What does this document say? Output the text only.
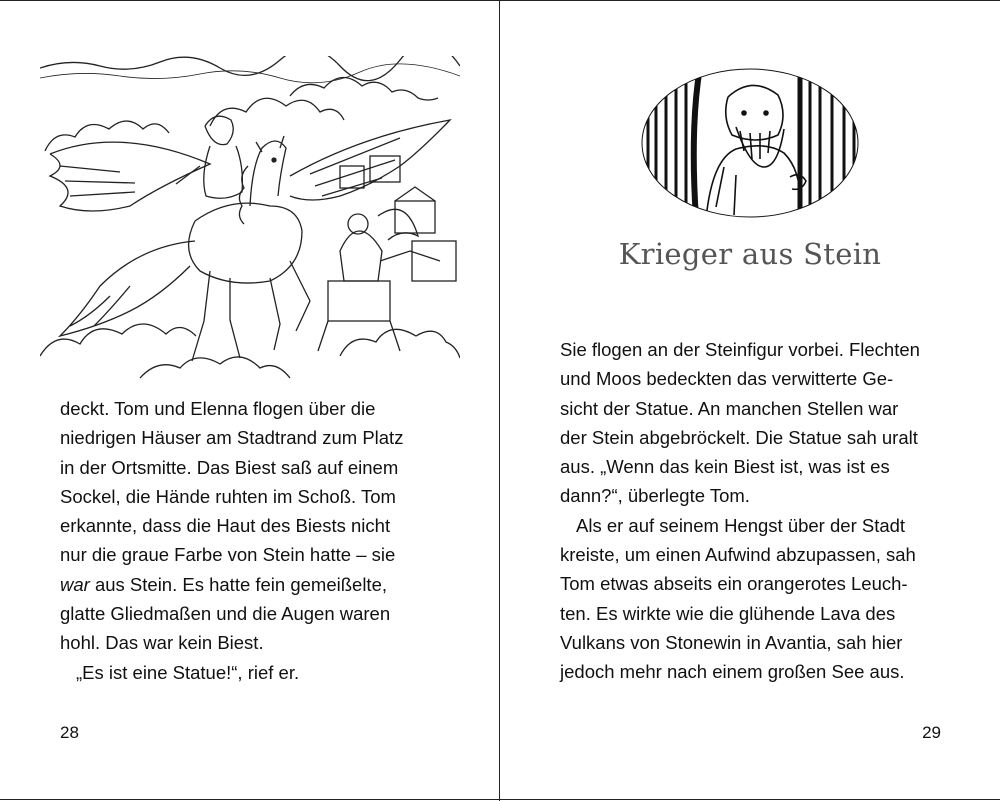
deckt. Tom und Elenna flogen über die
niedrigen Häuser am Stadtrand zum Platz
in der Ortsmitte. Das Biest saß auf einem
Sockel, die Hände ruhten im Schoß. Tom
erkannte, dass die Haut des Biests nicht
nur die graue Farbe von Stein hatte – sie
war aus Stein. Es hatte fein gemeißelte,
glatte Gliedmaßen und die Augen waren
hohl. Das war kein Biest.
„Es ist eine Statue!“, rief er.
28
Krieger aus Stein
Sie flogen an der Steinfigur vorbei. Flechten
und Moos bedeckten das verwitterte Ge-
sicht der Statue. An manchen Stellen war
der Stein abgebröckelt. Die Statue sah uralt
aus. „Wenn das kein Biest ist, was ist es
dann?“, überlegte Tom.
Als er auf seinem Hengst über der Stadt
kreiste, um einen Aufwind abzupassen, sah
Tom etwas abseits ein orangerotes Leuch-
ten. Es wirkte wie die glühende Lava des
Vulkans von Stonewin in Avantia, sah hier
jedoch mehr nach einem großen See aus.
29
